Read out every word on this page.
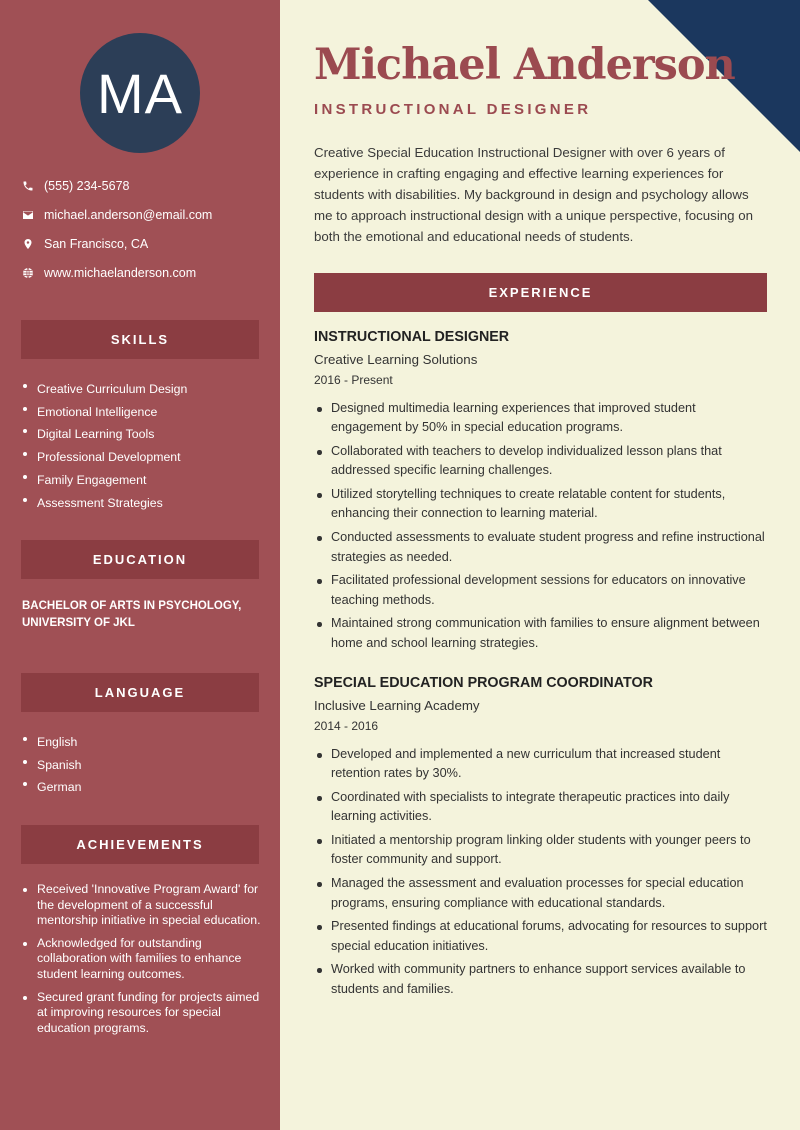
MA
(555) 234-5678
michael.anderson@email.com
San Francisco, CA
www.michaelanderson.com
SKILLS
Creative Curriculum Design
Emotional Intelligence
Digital Learning Tools
Professional Development
Family Engagement
Assessment Strategies
EDUCATION
BACHELOR OF ARTS IN PSYCHOLOGY, UNIVERSITY OF JKL
LANGUAGE
English
Spanish
German
ACHIEVEMENTS
Received 'Innovative Program Award' for the development of a successful mentorship initiative in special education.
Acknowledged for outstanding collaboration with families to enhance student learning outcomes.
Secured grant funding for projects aimed at improving resources for special education programs.
Michael Anderson
INSTRUCTIONAL DESIGNER
Creative Special Education Instructional Designer with over 6 years of experience in crafting engaging and effective learning experiences for students with disabilities. My background in design and psychology allows me to approach instructional design with a unique perspective, focusing on both the emotional and educational needs of students.
EXPERIENCE
INSTRUCTIONAL DESIGNER
Creative Learning Solutions
2016 - Present
Designed multimedia learning experiences that improved student engagement by 50% in special education programs.
Collaborated with teachers to develop individualized lesson plans that addressed specific learning challenges.
Utilized storytelling techniques to create relatable content for students, enhancing their connection to learning material.
Conducted assessments to evaluate student progress and refine instructional strategies as needed.
Facilitated professional development sessions for educators on innovative teaching methods.
Maintained strong communication with families to ensure alignment between home and school learning strategies.
SPECIAL EDUCATION PROGRAM COORDINATOR
Inclusive Learning Academy
2014 - 2016
Developed and implemented a new curriculum that increased student retention rates by 30%.
Coordinated with specialists to integrate therapeutic practices into daily learning activities.
Initiated a mentorship program linking older students with younger peers to foster community and support.
Managed the assessment and evaluation processes for special education programs, ensuring compliance with educational standards.
Presented findings at educational forums, advocating for resources to support special education initiatives.
Worked with community partners to enhance support services available to students and families.
